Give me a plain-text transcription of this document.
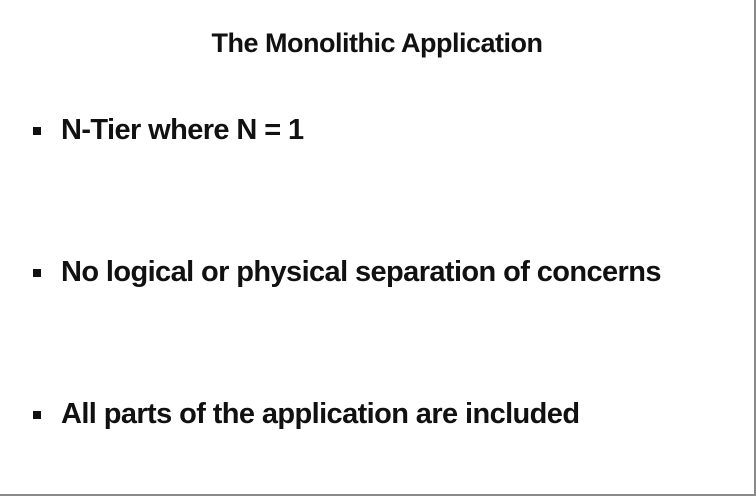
The Monolithic Application
N-Tier where N = 1
No logical or physical separation of concerns
All parts of the application are included
